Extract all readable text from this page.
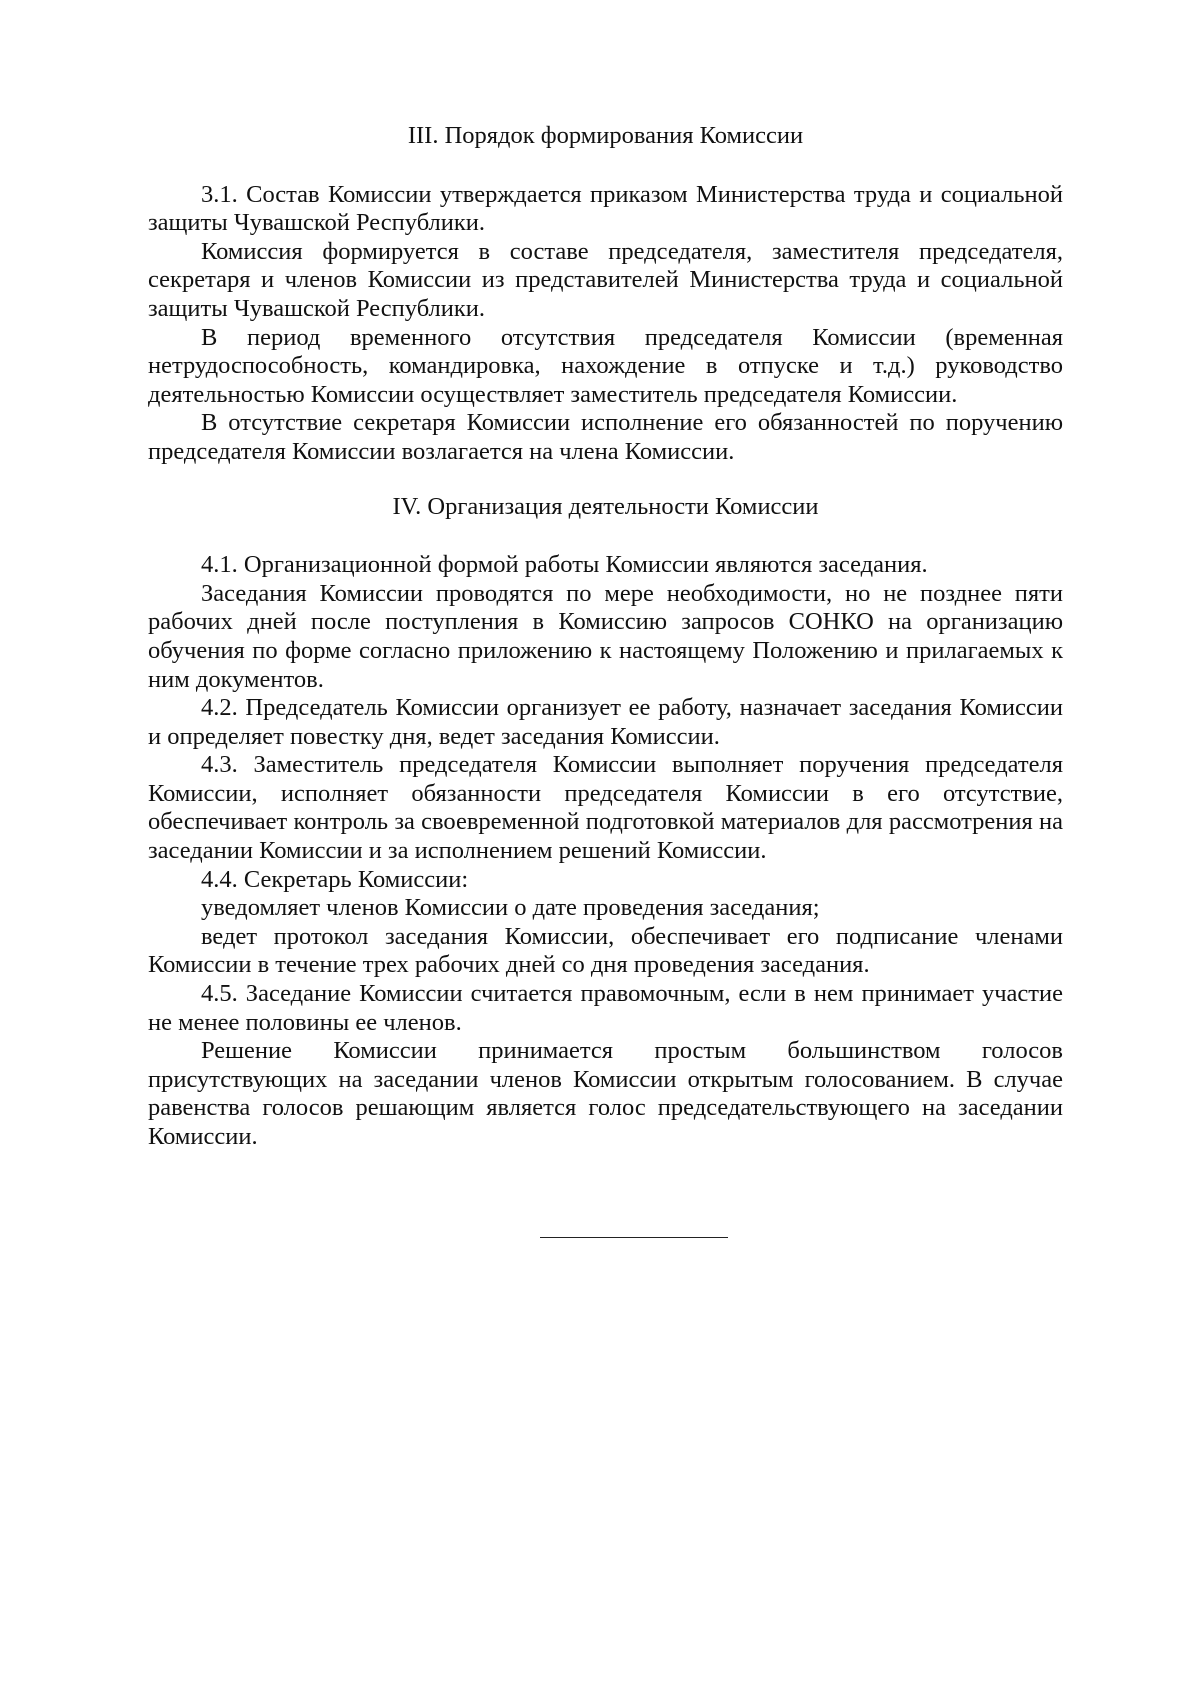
III. Порядок формирования Комиссии

3.1. Состав Комиссии утверждается приказом Министерства труда и социальной защиты Чувашской Республики.

Комиссия формируется в составе председателя, заместителя председателя, секретаря и членов Комиссии из представителей Министерства труда и социальной защиты Чувашской Республики.

В период временного отсутствия председателя Комиссии (временная нетрудоспособность, командировка, нахождение в отпуске и т.д.) руководство деятельностью Комиссии осуществляет заместитель председателя Комиссии.

В отсутствие секретаря Комиссии исполнение его обязанностей по поручению председателя Комиссии возлагается на члена Комиссии.

IV. Организация деятельности Комиссии

4.1. Организационной формой работы Комиссии являются заседания.

Заседания Комиссии проводятся по мере необходимости, но не позднее пяти рабочих дней после поступления в Комиссию запросов СОНКО на организацию обучения по форме согласно приложению к настоящему Положению и прилагаемых к ним документов.

4.2. Председатель Комиссии организует ее работу, назначает заседания Комиссии и определяет повестку дня, ведет заседания Комиссии.

4.3. Заместитель председателя Комиссии выполняет поручения председателя Комиссии, исполняет обязанности председателя Комиссии в его отсутствие, обеспечивает контроль за своевременной подготовкой материалов для рассмотрения на заседании Комиссии и за исполнением решений Комиссии.

4.4. Секретарь Комиссии:

уведомляет членов Комиссии о дате проведения заседания;

ведет протокол заседания Комиссии, обеспечивает его подписание членами Комиссии в течение трех рабочих дней со дня проведения заседания.

4.5. Заседание Комиссии считается правомочным, если в нем принимает участие не менее половины ее членов.

Решение Комиссии принимается простым большинством голосов присутствующих на заседании членов Комиссии открытым голосованием. В случае равенства голосов решающим является голос председательствующего на заседании Комиссии.
